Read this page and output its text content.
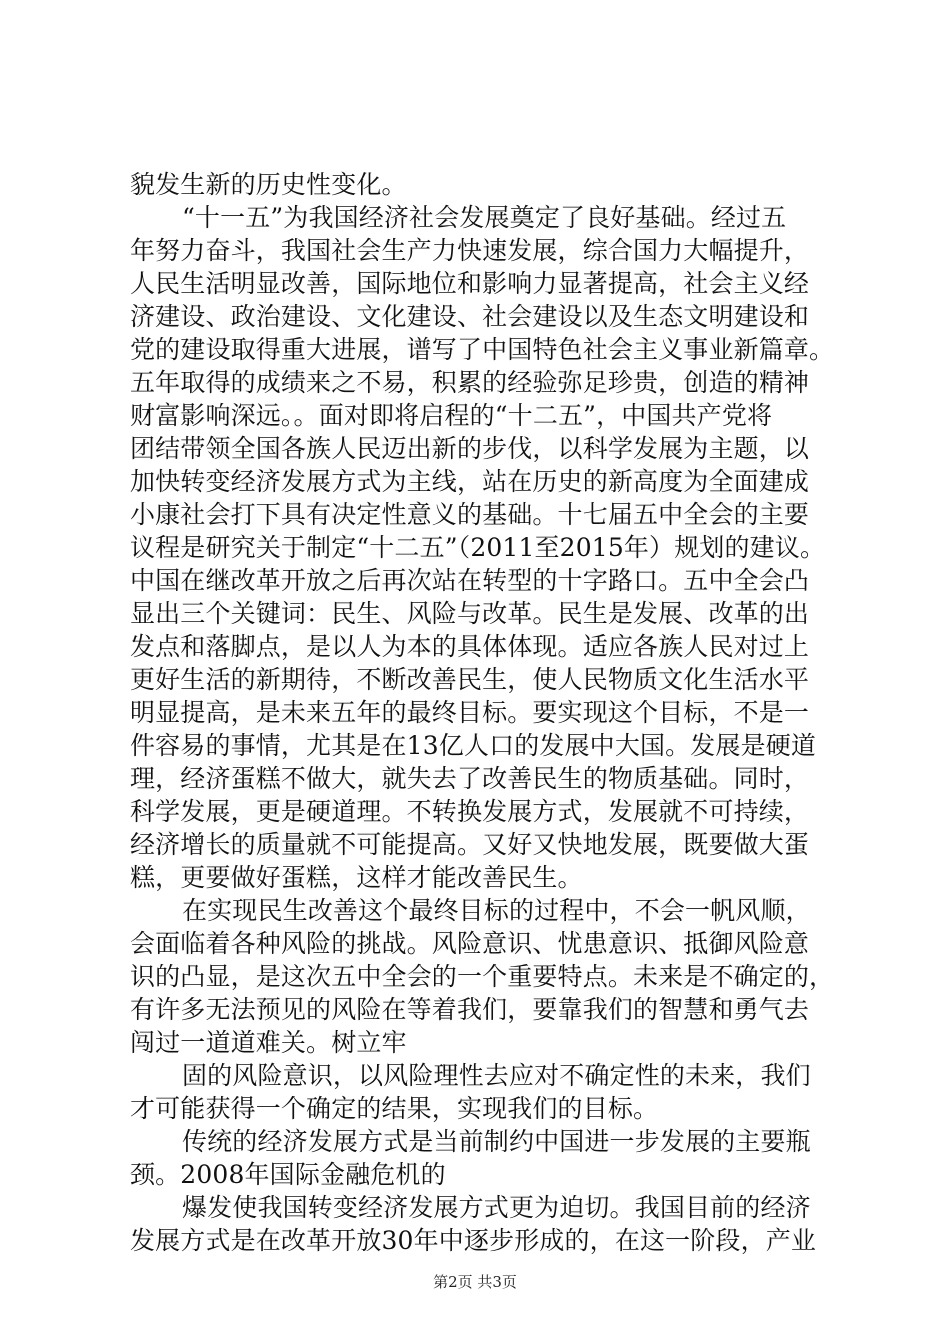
貌发生新的历史性变化。
“十一五”为我国经济社会发展奠定了良好基础。经过五
年努力奋斗，我国社会生产力快速发展，综合国力大幅提升，
人民生活明显改善，国际地位和影响力显著提高，社会主义经
济建设、政治建设、文化建设、社会建设以及生态文明建设和
党的建设取得重大进展，谱写了中国特色社会主义事业新篇章。
五年取得的成绩来之不易，积累的经验弥足珍贵，创造的精神
财富影响深远。。面对即将启程的“十二五”，中国共产党将
团结带领全国各族人民迈出新的步伐，以科学发展为主题，以
加快转变经济发展方式为主线，站在历史的新高度为全面建成
小康社会打下具有决定性意义的基础。十七届五中全会的主要
议程是研究关于制定“十二五”（2011至2015年）规划的建议。
中国在继改革开放之后再次站在转型的十字路口。五中全会凸
显出三个关键词：民生、风险与改革。民生是发展、改革的出
发点和落脚点，是以人为本的具体体现。适应各族人民对过上
更好生活的新期待，不断改善民生，使人民物质文化生活水平
明显提高，是未来五年的最终目标。要实现这个目标，不是一
件容易的事情，尤其是在13亿人口的发展中大国。发展是硬道
理，经济蛋糕不做大，就失去了改善民生的物质基础。同时，
科学发展，更是硬道理。不转换发展方式，发展就不可持续，
经济增长的质量就不可能提高。又好又快地发展，既要做大蛋
糕，更要做好蛋糕，这样才能改善民生。
在实现民生改善这个最终目标的过程中，不会一帆风顺，
会面临着各种风险的挑战。风险意识、忧患意识、抵御风险意
识的凸显，是这次五中全会的一个重要特点。未来是不确定的，
有许多无法预见的风险在等着我们，要靠我们的智慧和勇气去
闯过一道道难关。树立牢
固的风险意识，以风险理性去应对不确定性的未来，我们
才可能获得一个确定的结果，实现我们的目标。
传统的经济发展方式是当前制约中国进一步发展的主要瓶
颈。2008年国际金融危机的
爆发使我国转变经济发展方式更为迫切。我国目前的经济
发展方式是在改革开放30年中逐步形成的，在这一阶段，产业
第2页 共3页
